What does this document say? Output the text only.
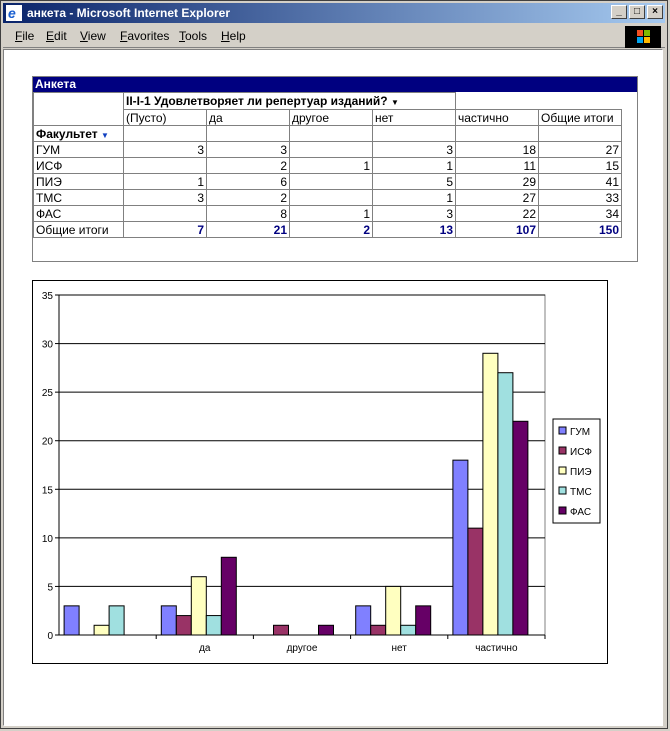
e анкета - Microsoft Internet Explorer	_	□	×
File Edit View Favorites Tools Help
Анкета
	II-I-1 Удовлетворяет ли репертуар изданий? ▼					
	(Пусто)	да	другое	нет	частично	Общие итоги
Факультет ▼						
ГУМ	3	3		3	18	27
ИСФ		2	1	1	11	15
ПИЭ	1	6		5	29	41
ТМС	3	2		1	27	33
ФАС		8	1	3	22	34
Общие итоги	7	21	2	13	107	150
0
5
10
15
20
25
30
35
да	другое	нет	частично
ГУМ
ИСФ
ПИЭ
ТМС
ФАС
